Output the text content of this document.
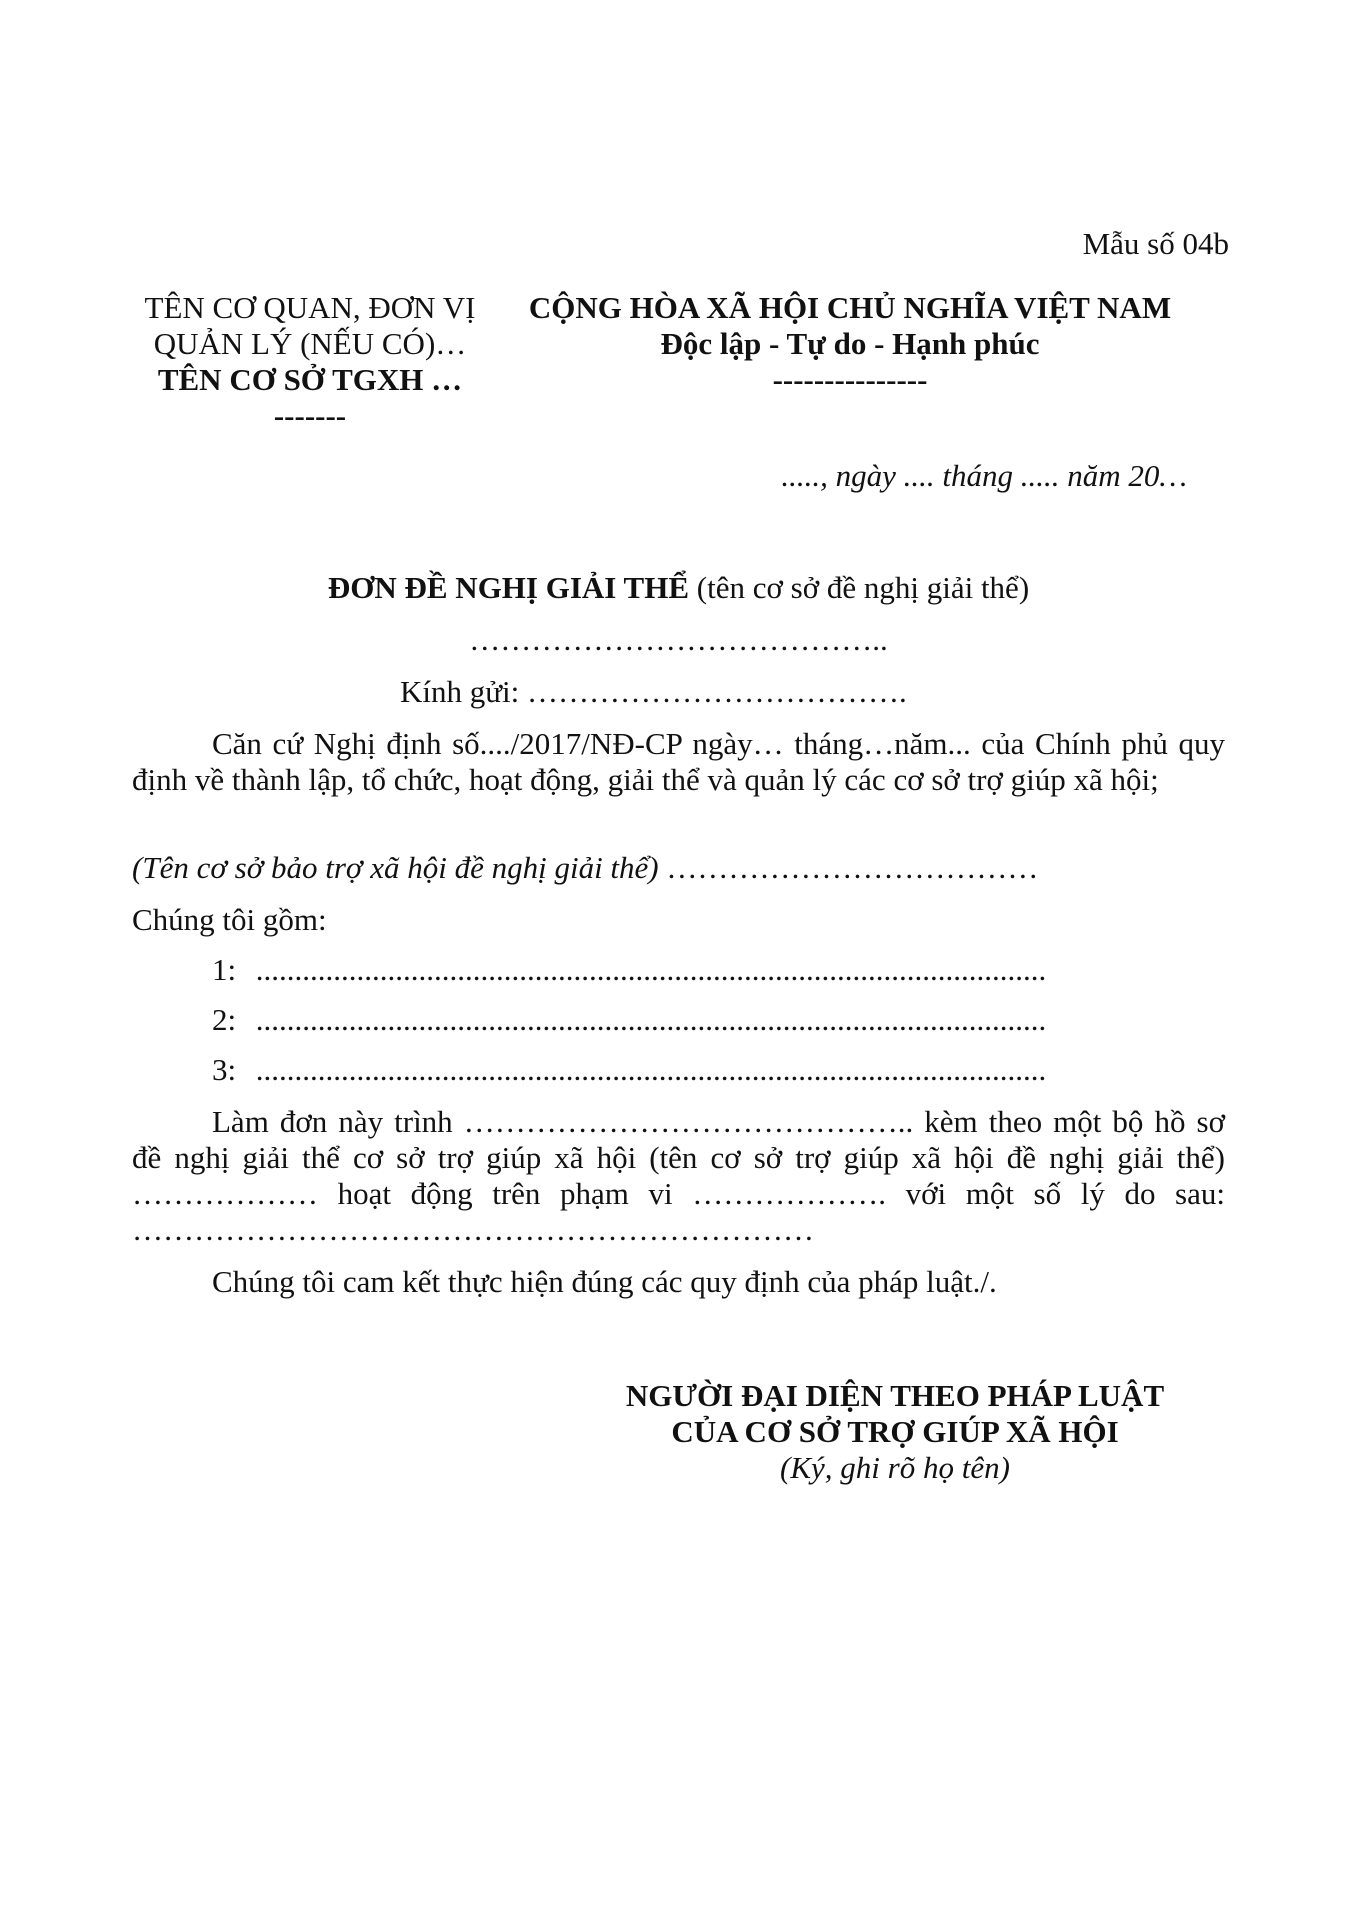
Mẫu số 04b
TÊN CƠ QUAN, ĐƠN VỊ
QUẢN LÝ (NẾU CÓ)…
TÊN CƠ SỞ TGXH …
-------
CỘNG HÒA XÃ HỘI CHỦ NGHĨA VIỆT NAM
Độc lập - Tự do - Hạnh phúc
---------------
....., ngày .... tháng ..... năm 20…
ĐƠN ĐỀ NGHỊ GIẢI THỂ (tên cơ sở đề nghị giải thể)
…………………………………..
Kính gửi: ……………………………….
Căn cứ Nghị định số..../2017/NĐ-CP ngày… tháng…năm... của Chính phủ quy định về thành lập, tổ chức, hoạt động, giải thể và quản lý các cơ sở trợ giúp xã hội;
(Tên cơ sở bảo trợ xã hội đề nghị giải thể) ………………………………
Chúng tôi gồm:
1: ......................................................................................................
2: ......................................................................................................
3: ......................................................................................................
Làm đơn này trình …………………………………….. kèm theo một bộ hồ sơ đề nghị giải thể cơ sở trợ giúp xã hội (tên cơ sở trợ giúp xã hội đề nghị giải thể) ……………… hoạt động trên phạm vi ………………. với một số lý do sau: …………………………………………………………
Chúng tôi cam kết thực hiện đúng các quy định của pháp luật./.
NGƯỜI ĐẠI DIỆN THEO PHÁP LUẬT
CỦA CƠ SỞ TRỢ GIÚP XÃ HỘI
(Ký, ghi rõ họ tên)
